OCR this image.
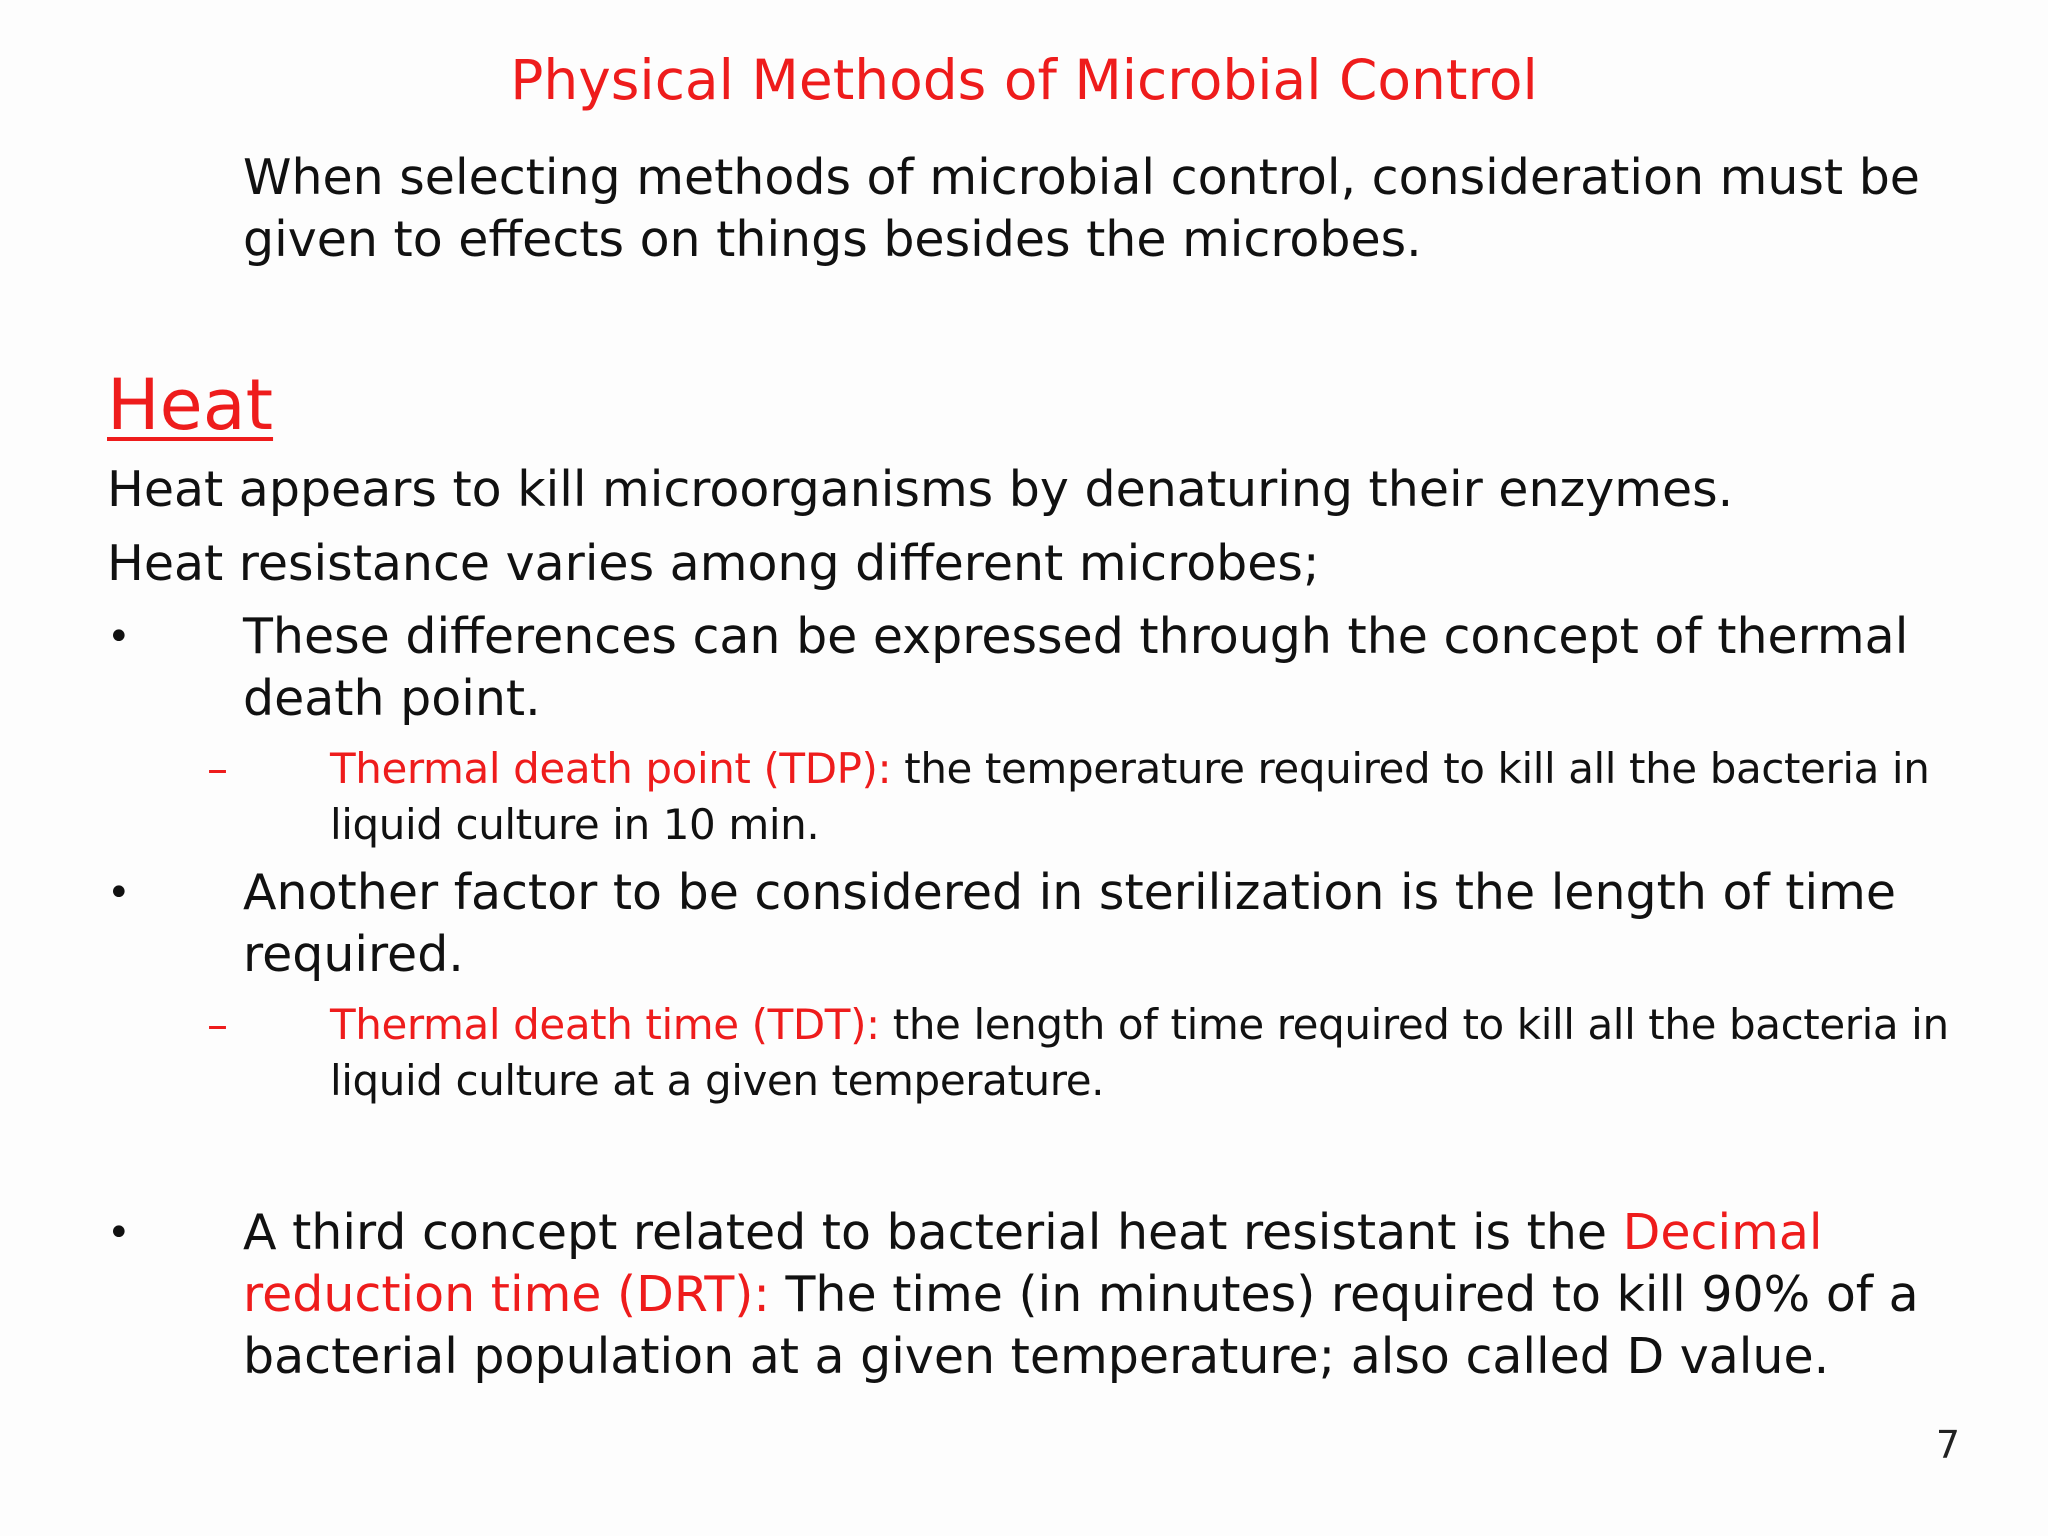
Physical Methods of Microbial Control
When selecting methods of microbial control, consideration must be given to effects on things besides the microbes.
Heat
Heat appears to kill microorganisms by denaturing their enzymes.
Heat resistance varies among different microbes;
• These differences can be expressed through the concept of thermal death point.
– Thermal death point (TDP): the temperature required to kill all the bacteria in liquid culture in 10 min.
• Another factor to be considered in sterilization is the length of time required.
– Thermal death time (TDT): the length of time required to kill all the bacteria in liquid culture at a given temperature.
• A third concept related to bacterial heat resistant is the Decimal reduction time (DRT): The time (in minutes) required to kill 90% of a bacterial population at a given temperature; also called D value.
7
